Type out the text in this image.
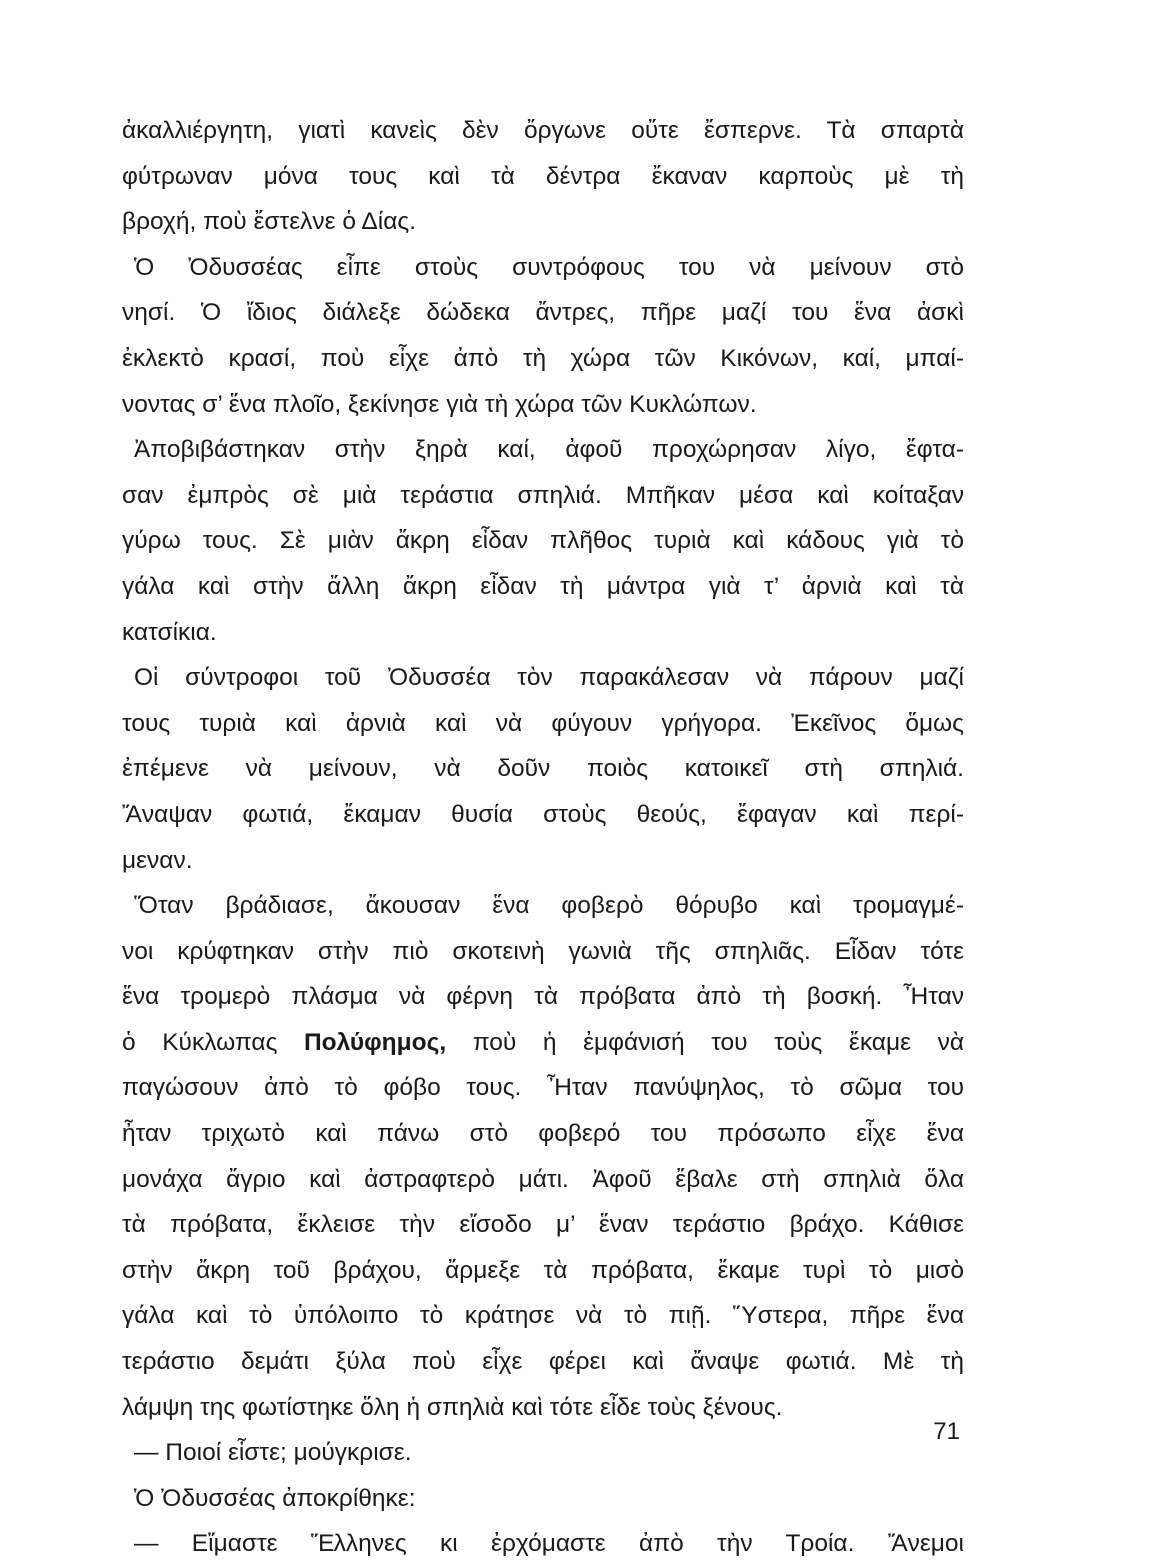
ἀκαλλιέργητη, γιατὶ κανεὶς δὲν ὄργωνε οὔτε ἔσπερνε. Τὰ σπαρτὰ
φύτρωναν μόνα τους καὶ τὰ δέντρα ἔκαναν καρποὺς μὲ τὴ
βροχή, ποὺ ἔστελνε ὁ Δίας.
Ὁ Ὀδυσσέας εἶπε στοὺς συντρόφους του νὰ μείνουν στὸ
νησί. Ὁ ἴδιος διάλεξε δώδεκα ἄντρες, πῆρε μαζί του ἕνα ἀσκὶ
ἐκλεκτὸ κρασί, ποὺ εἶχε ἀπὸ τὴ χώρα τῶν Κικόνων, καί, μπαί-
νοντας σ’ ἕνα πλοῖο, ξεκίνησε γιὰ τὴ χώρα τῶν Κυκλώπων.
Ἀποβιβάστηκαν στὴν ξηρὰ καί, ἀφοῦ προχώρησαν λίγο, ἔφτα-
σαν ἐμπρὸς σὲ μιὰ τεράστια σπηλιά. Μπῆκαν μέσα καὶ κοίταξαν
γύρω τους. Σὲ μιὰν ἄκρη εἶδαν πλῆθος τυριὰ καὶ κάδους γιὰ τὸ
γάλα καὶ στὴν ἄλλη ἄκρη εἶδαν τὴ μάντρα γιὰ τ’ ἀρνιὰ καὶ τὰ
κατσίκια.
Οἱ σύντροφοι τοῦ Ὀδυσσέα τὸν παρακάλεσαν νὰ πάρουν μαζί
τους τυριὰ καὶ ἀρνιὰ καὶ νὰ φύγουν γρήγορα. Ἐκεῖνος ὅμως
ἐπέμενε νὰ μείνουν, νὰ δοῦν ποιὸς κατοικεῖ στὴ σπηλιά.
Ἄναψαν φωτιά, ἔκαμαν θυσία στοὺς θεούς, ἔφαγαν καὶ περί-
μεναν.
Ὅταν βράδιασε, ἄκουσαν ἕνα φοβερὸ θόρυβο καὶ τρομαγμέ-
νοι κρύφτηκαν στὴν πιὸ σκοτεινὴ γωνιὰ τῆς σπηλιᾶς. Εἶδαν τότε
ἕνα τρομερὸ πλάσμα νὰ φέρνη τὰ πρόβατα ἀπὸ τὴ βοσκή. Ἦταν
ὁ Κύκλωπας Πολύφημος, ποὺ ἡ ἐμφάνισή του τοὺς ἔκαμε νὰ
παγώσουν ἀπὸ τὸ φόβο τους. Ἦταν πανύψηλος, τὸ σῶμα του
ἦταν τριχωτὸ καὶ πάνω στὸ φοβερό του πρόσωπο εἶχε ἕνα
μονάχα ἄγριο καὶ ἀστραφτερὸ μάτι. Ἀφοῦ ἔβαλε στὴ σπηλιὰ ὅλα
τὰ πρόβατα, ἔκλεισε τὴν εἴσοδο μ’ ἕναν τεράστιο βράχο. Κάθισε
στὴν ἄκρη τοῦ βράχου, ἄρμεξε τὰ πρόβατα, ἔκαμε τυρὶ τὸ μισὸ
γάλα καὶ τὸ ὑπόλοιπο τὸ κράτησε νὰ τὸ πιῇ. Ὕστερα, πῆρε ἕνα
τεράστιο δεμάτι ξύλα ποὺ εἶχε φέρει καὶ ἄναψε φωτιά. Μὲ τὴ
λάμψη της φωτίστηκε ὅλη ἡ σπηλιὰ καὶ τότε εἶδε τοὺς ξένους.
— Ποιοί εἶστε; μούγκρισε.
Ὁ Ὀδυσσέας ἀποκρίθηκε:
— Εἴμαστε Ἕλληνες κι ἐρχόμαστε ἀπὸ τὴν Τροία. Ἄνεμοι
71
